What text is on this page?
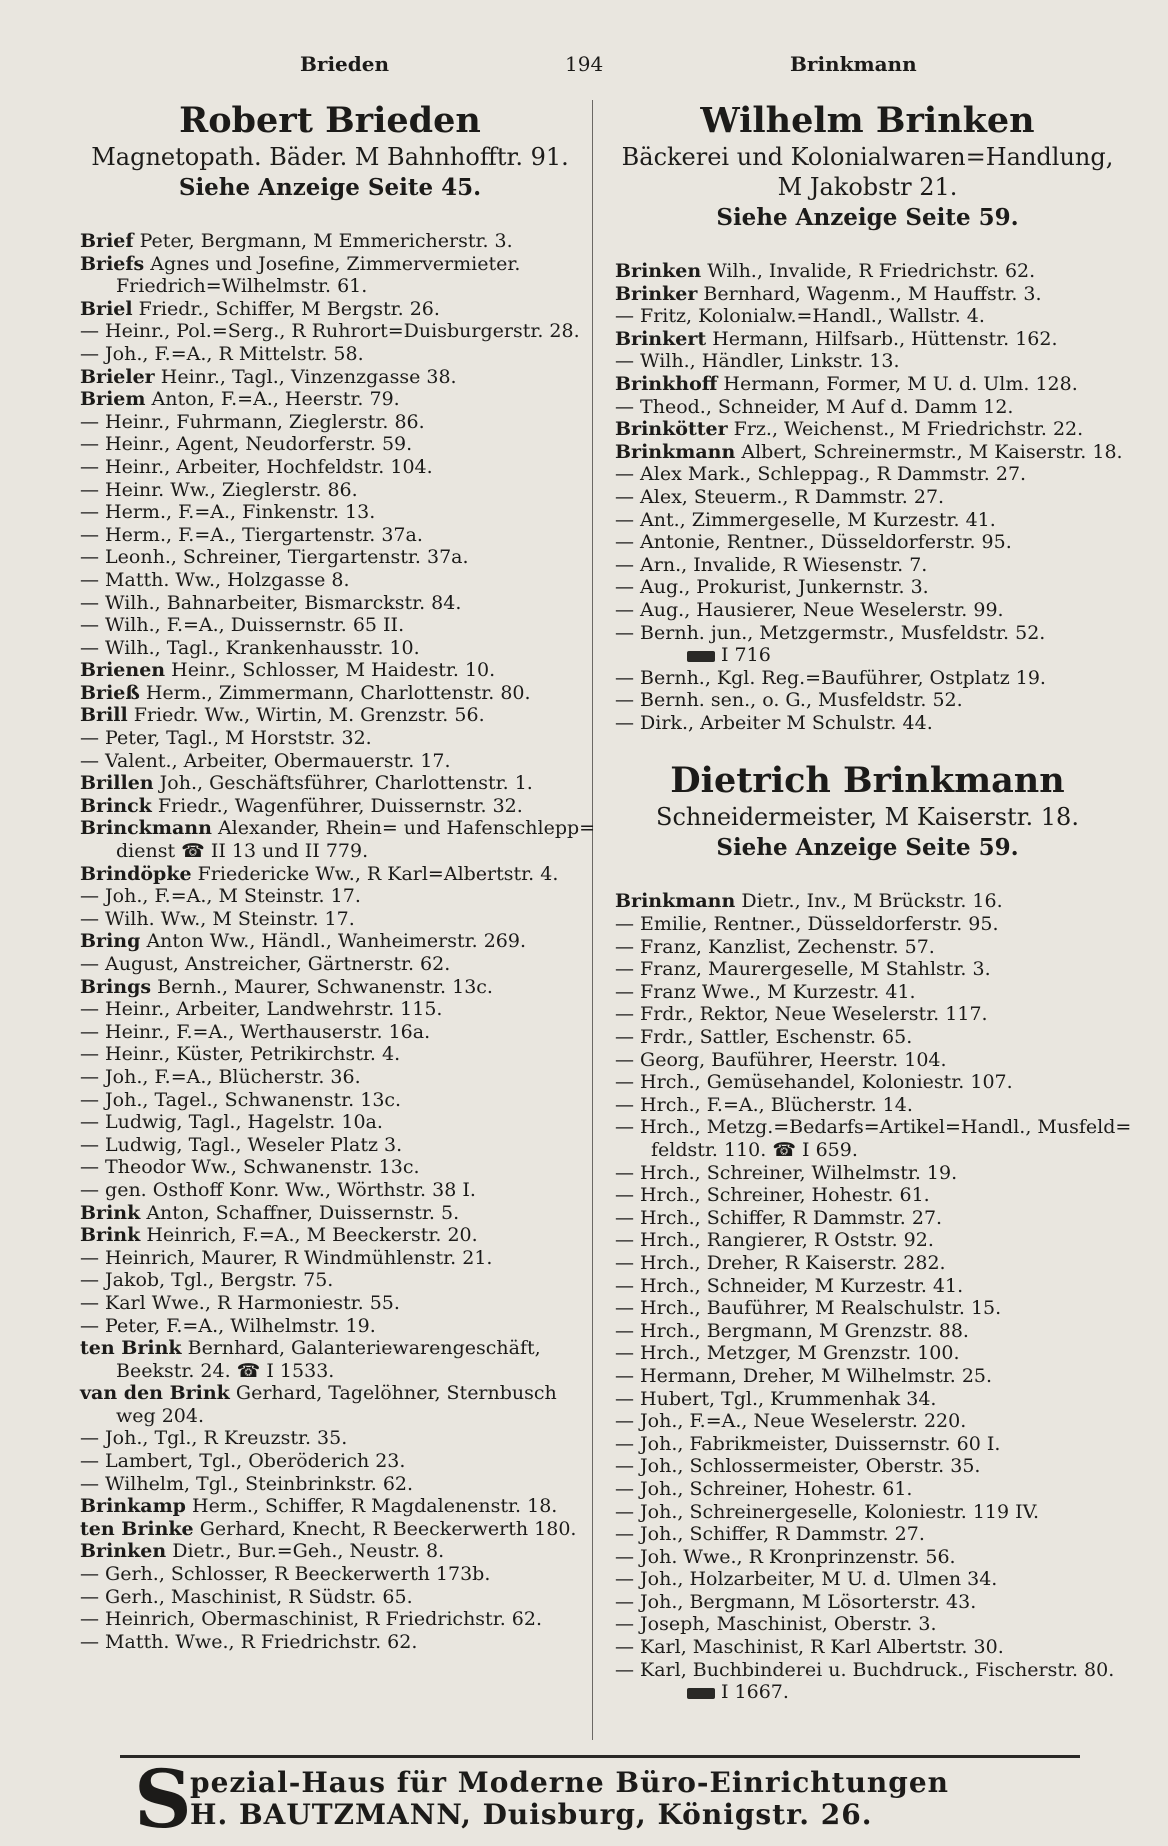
Brieden	194	Brinkmann
Robert Brieden
Magnetopath. Bäder. M Bahnhofftr. 91.
Siehe Anzeige Seite 45.
Brief Peter, Bergmann, M Emmericherstr. 3.
Briefs Agnes und Josefine, Zimmervermieter.
Friedrich=Wilhelmstr. 61.
Briel Friedr., Schiffer, M Bergstr. 26.
— Heinr., Pol.=Serg., R Ruhrort=Duisburgerstr. 28.
— Joh., F.=A., R Mittelstr. 58.
Brieler Heinr., Tagl., Vinzenzgasse 38.
Briem Anton, F.=A., Heerstr. 79.
— Heinr., Fuhrmann, Zieglerstr. 86.
— Heinr., Agent, Neudorferstr. 59.
— Heinr., Arbeiter, Hochfeldstr. 104.
— Heinr. Ww., Zieglerstr. 86.
— Herm., F.=A., Finkenstr. 13.
— Herm., F.=A., Tiergartenstr. 37a.
— Leonh., Schreiner, Tiergartenstr. 37a.
— Matth. Ww., Holzgasse 8.
— Wilh., Bahnarbeiter, Bismarckstr. 84.
— Wilh., F.=A., Duissernstr. 65 II.
— Wilh., Tagl., Krankenhausstr. 10.
Brienen Heinr., Schlosser, M Haidestr. 10.
Brieß Herm., Zimmermann, Charlottenstr. 80.
Brill Friedr. Ww., Wirtin, M. Grenzstr. 56.
— Peter, Tagl., M Horststr. 32.
— Valent., Arbeiter, Obermauerstr. 17.
Brillen Joh., Geschäftsführer, Charlottenstr. 1.
Brinck Friedr., Wagenführer, Duissernstr. 32.
Brinckmann Alexander, Rhein= und Hafenschlepp=
dienst ☎ II 13 und II 779.
Brindöpke Friedericke Ww., R Karl=Albertstr. 4.
— Joh., F.=A., M Steinstr. 17.
— Wilh. Ww., M Steinstr. 17.
Bring Anton Ww., Händl., Wanheimerstr. 269.
— August, Anstreicher, Gärtnerstr. 62.
Brings Bernh., Maurer, Schwanenstr. 13c.
— Heinr., Arbeiter, Landwehrstr. 115.
— Heinr., F.=A., Werthauserstr. 16a.
— Heinr., Küster, Petrikirchstr. 4.
— Joh., F.=A., Blücherstr. 36.
— Joh., Tagel., Schwanenstr. 13c.
— Ludwig, Tagl., Hagelstr. 10a.
— Ludwig, Tagl., Weseler Platz 3.
— Theodor Ww., Schwanenstr. 13c.
— gen. Osthoff Konr. Ww., Wörthstr. 38 I.
Brink Anton, Schaffner, Duissernstr. 5.
Brink Heinrich, F.=A., M Beeckerstr. 20.
— Heinrich, Maurer, R Windmühlenstr. 21.
— Jakob, Tgl., Bergstr. 75.
— Karl Wwe., R Harmoniestr. 55.
— Peter, F.=A., Wilhelmstr. 19.
ten Brink Bernhard, Galanteriewarengeschäft,
Beekstr. 24. ☎ I 1533.
van den Brink Gerhard, Tagelöhner, Sternbusch
weg 204.
— Joh., Tgl., R Kreuzstr. 35.
— Lambert, Tgl., Oberöderich 23.
— Wilhelm, Tgl., Steinbrinkstr. 62.
Brinkamp Herm., Schiffer, R Magdalenenstr. 18.
ten Brinke Gerhard, Knecht, R Beeckerwerth 180.
Brinken Dietr., Bur.=Geh., Neustr. 8.
— Gerh., Schlosser, R Beeckerwerth 173b.
— Gerh., Maschinist, R Südstr. 65.
— Heinrich, Obermaschinist, R Friedrichstr. 62.
— Matth. Wwe., R Friedrichstr. 62.
Wilhelm Brinken
Bäckerei und Kolonialwaren=Handlung,
M Jakobstr 21.
Siehe Anzeige Seite 59.
Brinken Wilh., Invalide, R Friedrichstr. 62.
Brinker Bernhard, Wagenm., M Hauffstr. 3.
— Fritz, Kolonialw.=Handl., Wallstr. 4.
Brinkert Hermann, Hilfsarb., Hüttenstr. 162.
— Wilh., Händler, Linkstr. 13.
Brinkhoff Hermann, Former, M U. d. Ulm. 128.
— Theod., Schneider, M Auf d. Damm 12.
Brinkötter Frz., Weichenst., M Friedrichstr. 22.
Brinkmann Albert, Schreinermstr., M Kaiserstr. 18.
— Alex Mark., Schleppag., R Dammstr. 27.
— Alex, Steuerm., R Dammstr. 27.
— Ant., Zimmergeselle, M Kurzestr. 41.
— Antonie, Rentner., Düsseldorferstr. 95.
— Arn., Invalide, R Wiesenstr. 7.
— Aug., Prokurist, Junkernstr. 3.
— Aug., Hausierer, Neue Weselerstr. 99.
— Bernh. jun., Metzgermstr., Musfeldstr. 52.
I 716
— Bernh., Kgl. Reg.=Bauführer, Ostplatz 19.
— Bernh. sen., o. G., Musfeldstr. 52.
— Dirk., Arbeiter M Schulstr. 44.
Dietrich Brinkmann
Schneidermeister, M Kaiserstr. 18.
Siehe Anzeige Seite 59.
Brinkmann Dietr., Inv., M Brückstr. 16.
— Emilie, Rentner., Düsseldorferstr. 95.
— Franz, Kanzlist, Zechenstr. 57.
— Franz, Maurergeselle, M Stahlstr. 3.
— Franz Wwe., M Kurzestr. 41.
— Frdr., Rektor, Neue Weselerstr. 117.
— Frdr., Sattler, Eschenstr. 65.
— Georg, Bauführer, Heerstr. 104.
— Hrch., Gemüsehandel, Koloniestr. 107.
— Hrch., F.=A., Blücherstr. 14.
— Hrch., Metzg.=Bedarfs=Artikel=Handl., Musfeld=
feldstr. 110. ☎ I 659.
— Hrch., Schreiner, Wilhelmstr. 19.
— Hrch., Schreiner, Hohestr. 61.
— Hrch., Schiffer, R Dammstr. 27.
— Hrch., Rangierer, R Oststr. 92.
— Hrch., Dreher, R Kaiserstr. 282.
— Hrch., Schneider, M Kurzestr. 41.
— Hrch., Bauführer, M Realschulstr. 15.
— Hrch., Bergmann, M Grenzstr. 88.
— Hrch., Metzger, M Grenzstr. 100.
— Hermann, Dreher, M Wilhelmstr. 25.
— Hubert, Tgl., Krummenhak 34.
— Joh., F.=A., Neue Weselerstr. 220.
— Joh., Fabrikmeister, Duissernstr. 60 I.
— Joh., Schlossermeister, Oberstr. 35.
— Joh., Schreiner, Hohestr. 61.
— Joh., Schreinergeselle, Koloniestr. 119 IV.
— Joh., Schiffer, R Dammstr. 27.
— Joh. Wwe., R Kronprinzenstr. 56.
— Joh., Holzarbeiter, M U. d. Ulmen 34.
— Joh., Bergmann, M Lösorterstr. 43.
— Joseph, Maschinist, Oberstr. 3.
— Karl, Maschinist, R Karl Albertstr. 30.
— Karl, Buchbinderei u. Buchdruck., Fischerstr. 80.
I 1667.
S
pezial-Haus für Moderne Büro-Einrichtungen
H. BAUTZMANN, Duisburg, Königstr. 26.
